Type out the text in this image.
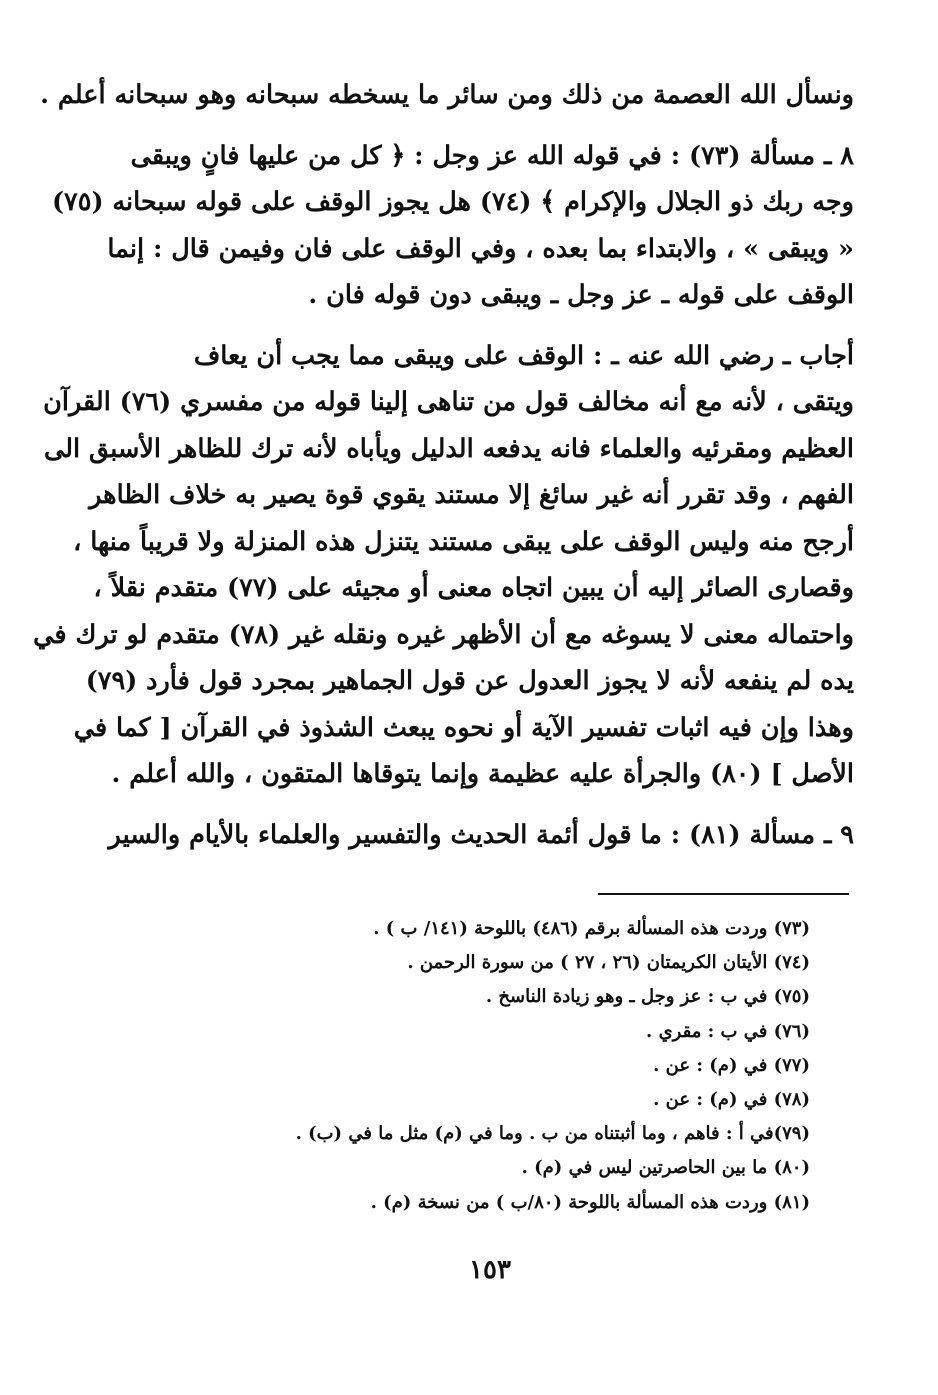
ونسأل الله العصمة من ذلك ومن سائر ما يسخطه سبحانه وهو سبحانه أعلم .
٨ ـ مسألة (٧٣) : في قوله الله عز وجل : ﴿ كل من عليها فانٍ ويبقى
وجه ربك ذو الجلال والإكرام ﴾ (٧٤) هل يجوز الوقف على قوله سبحانه (٧٥)
« ويبقى » ، والابتداء بما بعده ، وفي الوقف على فان وفيمن قال : إنما
الوقف على قوله ـ عز وجل ـ ويبقى دون قوله فان .
أجاب ـ رضي الله عنه ـ : الوقف على ويبقى مما يجب أن يعاف
ويتقى ، لأنه مع أنه مخالف قول من تناهى إلينا قوله من مفسري (٧٦) القرآن
العظيم ومقرئيه والعلماء فانه يدفعه الدليل ويأباه لأنه ترك للظاهر الأسبق الى
الفهم ، وقد تقرر أنه غير سائغ إلا مستند يقوي قوة يصير به خلاف الظاهر
أرجح منه وليس الوقف على يبقى مستند يتنزل هذه المنزلة ولا قريباً منها ،
وقصارى الصائر إليه أن يبين اتجاه معنى أو مجيئه على (٧٧) متقدم نقلاً ،
واحتماله معنى لا يسوغه مع أن الأظهر غيره ونقله غير (٧٨) متقدم لو ترك في
يده لم ينفعه لأنه لا يجوز العدول عن قول الجماهير بمجرد قول فأرد (٧٩)
وهذا وإن فيه اثبات تفسير الآية أو نحوه يبعث الشذوذ في القرآن [ كما في
الأصل ] (٨٠) والجرأة عليه عظيمة وإنما يتوقاها المتقون ، والله أعلم .
٩ ـ مسألة (٨١) : ما قول أئمة الحديث والتفسير والعلماء بالأيام والسير
(٧٣) وردت هذه المسألة برقم (٤٨٦) باللوحة (١٤١/ ب ) .
(٧٤) الأيتان الكريمتان (٢٦ ، ٢٧ ) من سورة الرحمن .
(٧٥) في ب : عز وجل ـ وهو زيادة الناسخ .
(٧٦) في ب : مقري .
(٧٧) في (م) : عن .
(٧٨) في (م) : عن .
(٧٩)في أ : فاهم ، وما أثبتناه من ب . وما في (م) مثل ما في (ب) .
(٨٠) ما بين الحاصرتين ليس في (م) .
(٨١) وردت هذه المسألة باللوحة (٨٠/ب ) من نسخة (م) .
١٥٣
